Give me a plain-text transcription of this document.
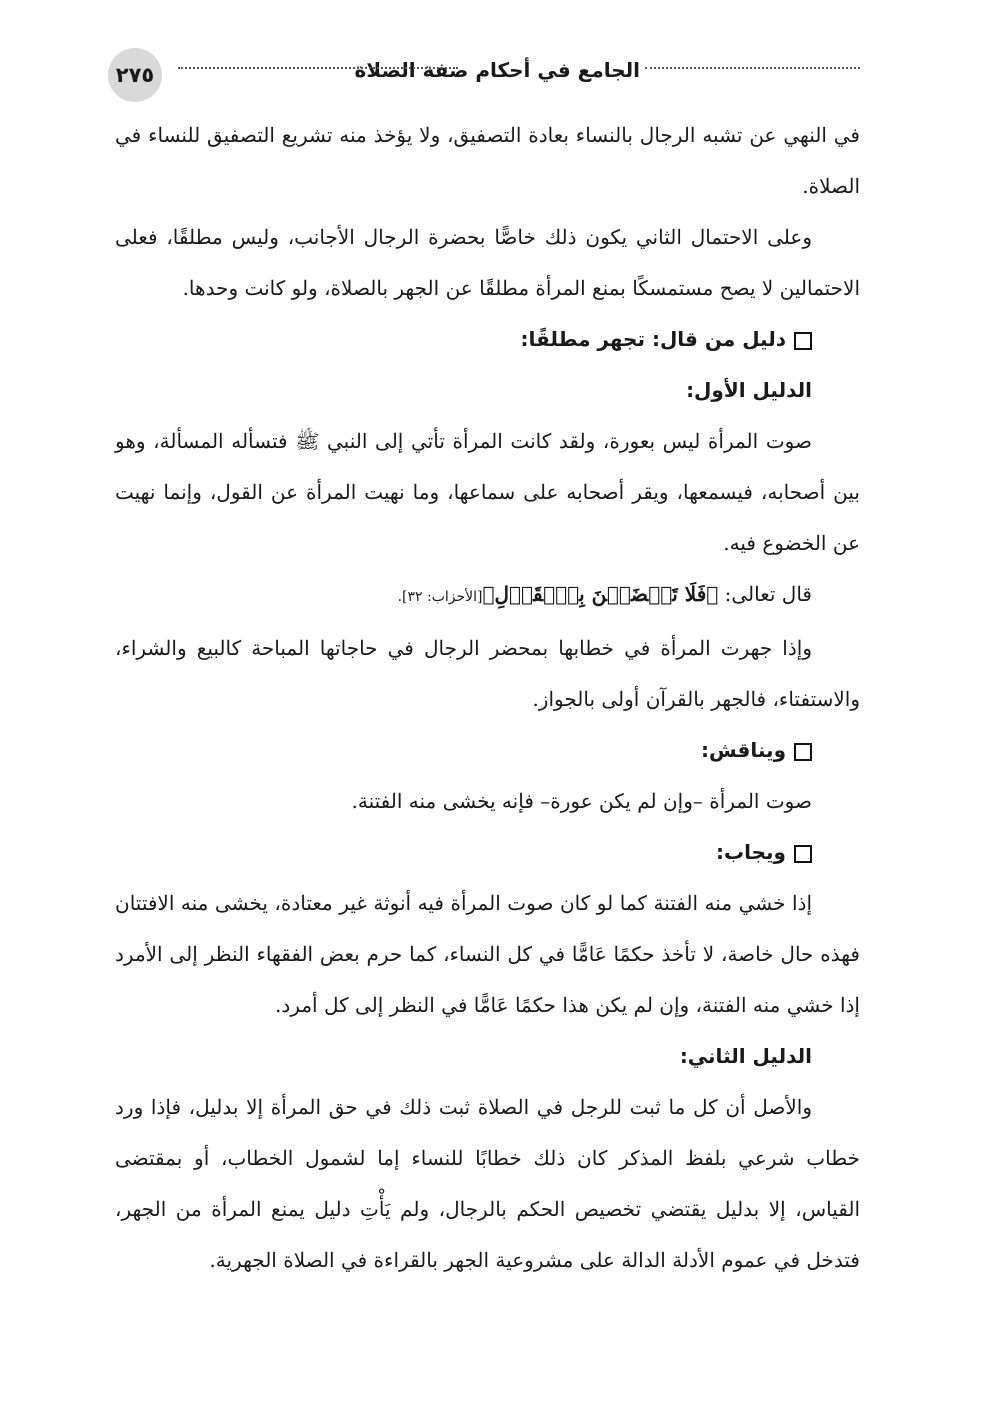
الجامع في أحكام صفة الصلاة
٢٧٥

في النهي عن تشبه الرجال بالنساء بعادة التصفيق، ولا يؤخذ منه تشريع التصفيق للنساء في الصلاة.

وعلى الاحتمال الثاني يكون ذلك خاصًّا بحضرة الرجال الأجانب، وليس مطلقًا، فعلى الاحتمالين لا يصح مستمسكًا بمنع المرأة مطلقًا عن الجهر بالصلاة، ولو كانت وحدها.

دليل من قال: تجهر مطلقًا:

الدليل الأول:

صوت المرأة ليس بعورة، ولقد كانت المرأة تأتي إلى النبي ﷺ فتسأله المسألة، وهو بين أصحابه، فيسمعها، ويقر أصحابه على سماعها، وما نهيت المرأة عن القول، وإنما نهيت عن الخضوع فيه.

قال تعالى: ﴿فَلَا تَخۡضَعۡنَ بِٱلۡقَوۡلِ﴾[الأحزاب: ٣٢].

وإذا جهرت المرأة في خطابها بمحضر الرجال في حاجاتها المباحة كالبيع والشراء، والاستفتاء، فالجهر بالقرآن أولى بالجواز.

ويناقش:

صوت المرأة –وإن لم يكن عورة– فإنه يخشى منه الفتنة.

ويجاب:

إذا خشي منه الفتنة كما لو كان صوت المرأة فيه أنوثة غير معتادة، يخشى منه الافتتان فهذه حال خاصة، لا تأخذ حكمًا عَامًّا في كل النساء، كما حرم بعض الفقهاء النظر إلى الأمرد إذا خشي منه الفتنة، وإن لم يكن هذا حكمًا عَامًّا في النظر إلى كل أمرد.

الدليل الثاني:

والأصل أن كل ما ثبت للرجل في الصلاة ثبت ذلك في حق المرأة إلا بدليل، فإذا ورد خطاب شرعي بلفظ المذكر كان ذلك خطابًا للنساء إما لشمول الخطاب، أو بمقتضى القياس، إلا بدليل يقتضي تخصيص الحكم بالرجال، ولم يَأْتِ دليل يمنع المرأة من الجهر، فتدخل في عموم الأدلة الدالة على مشروعية الجهر بالقراءة في الصلاة الجهرية.
